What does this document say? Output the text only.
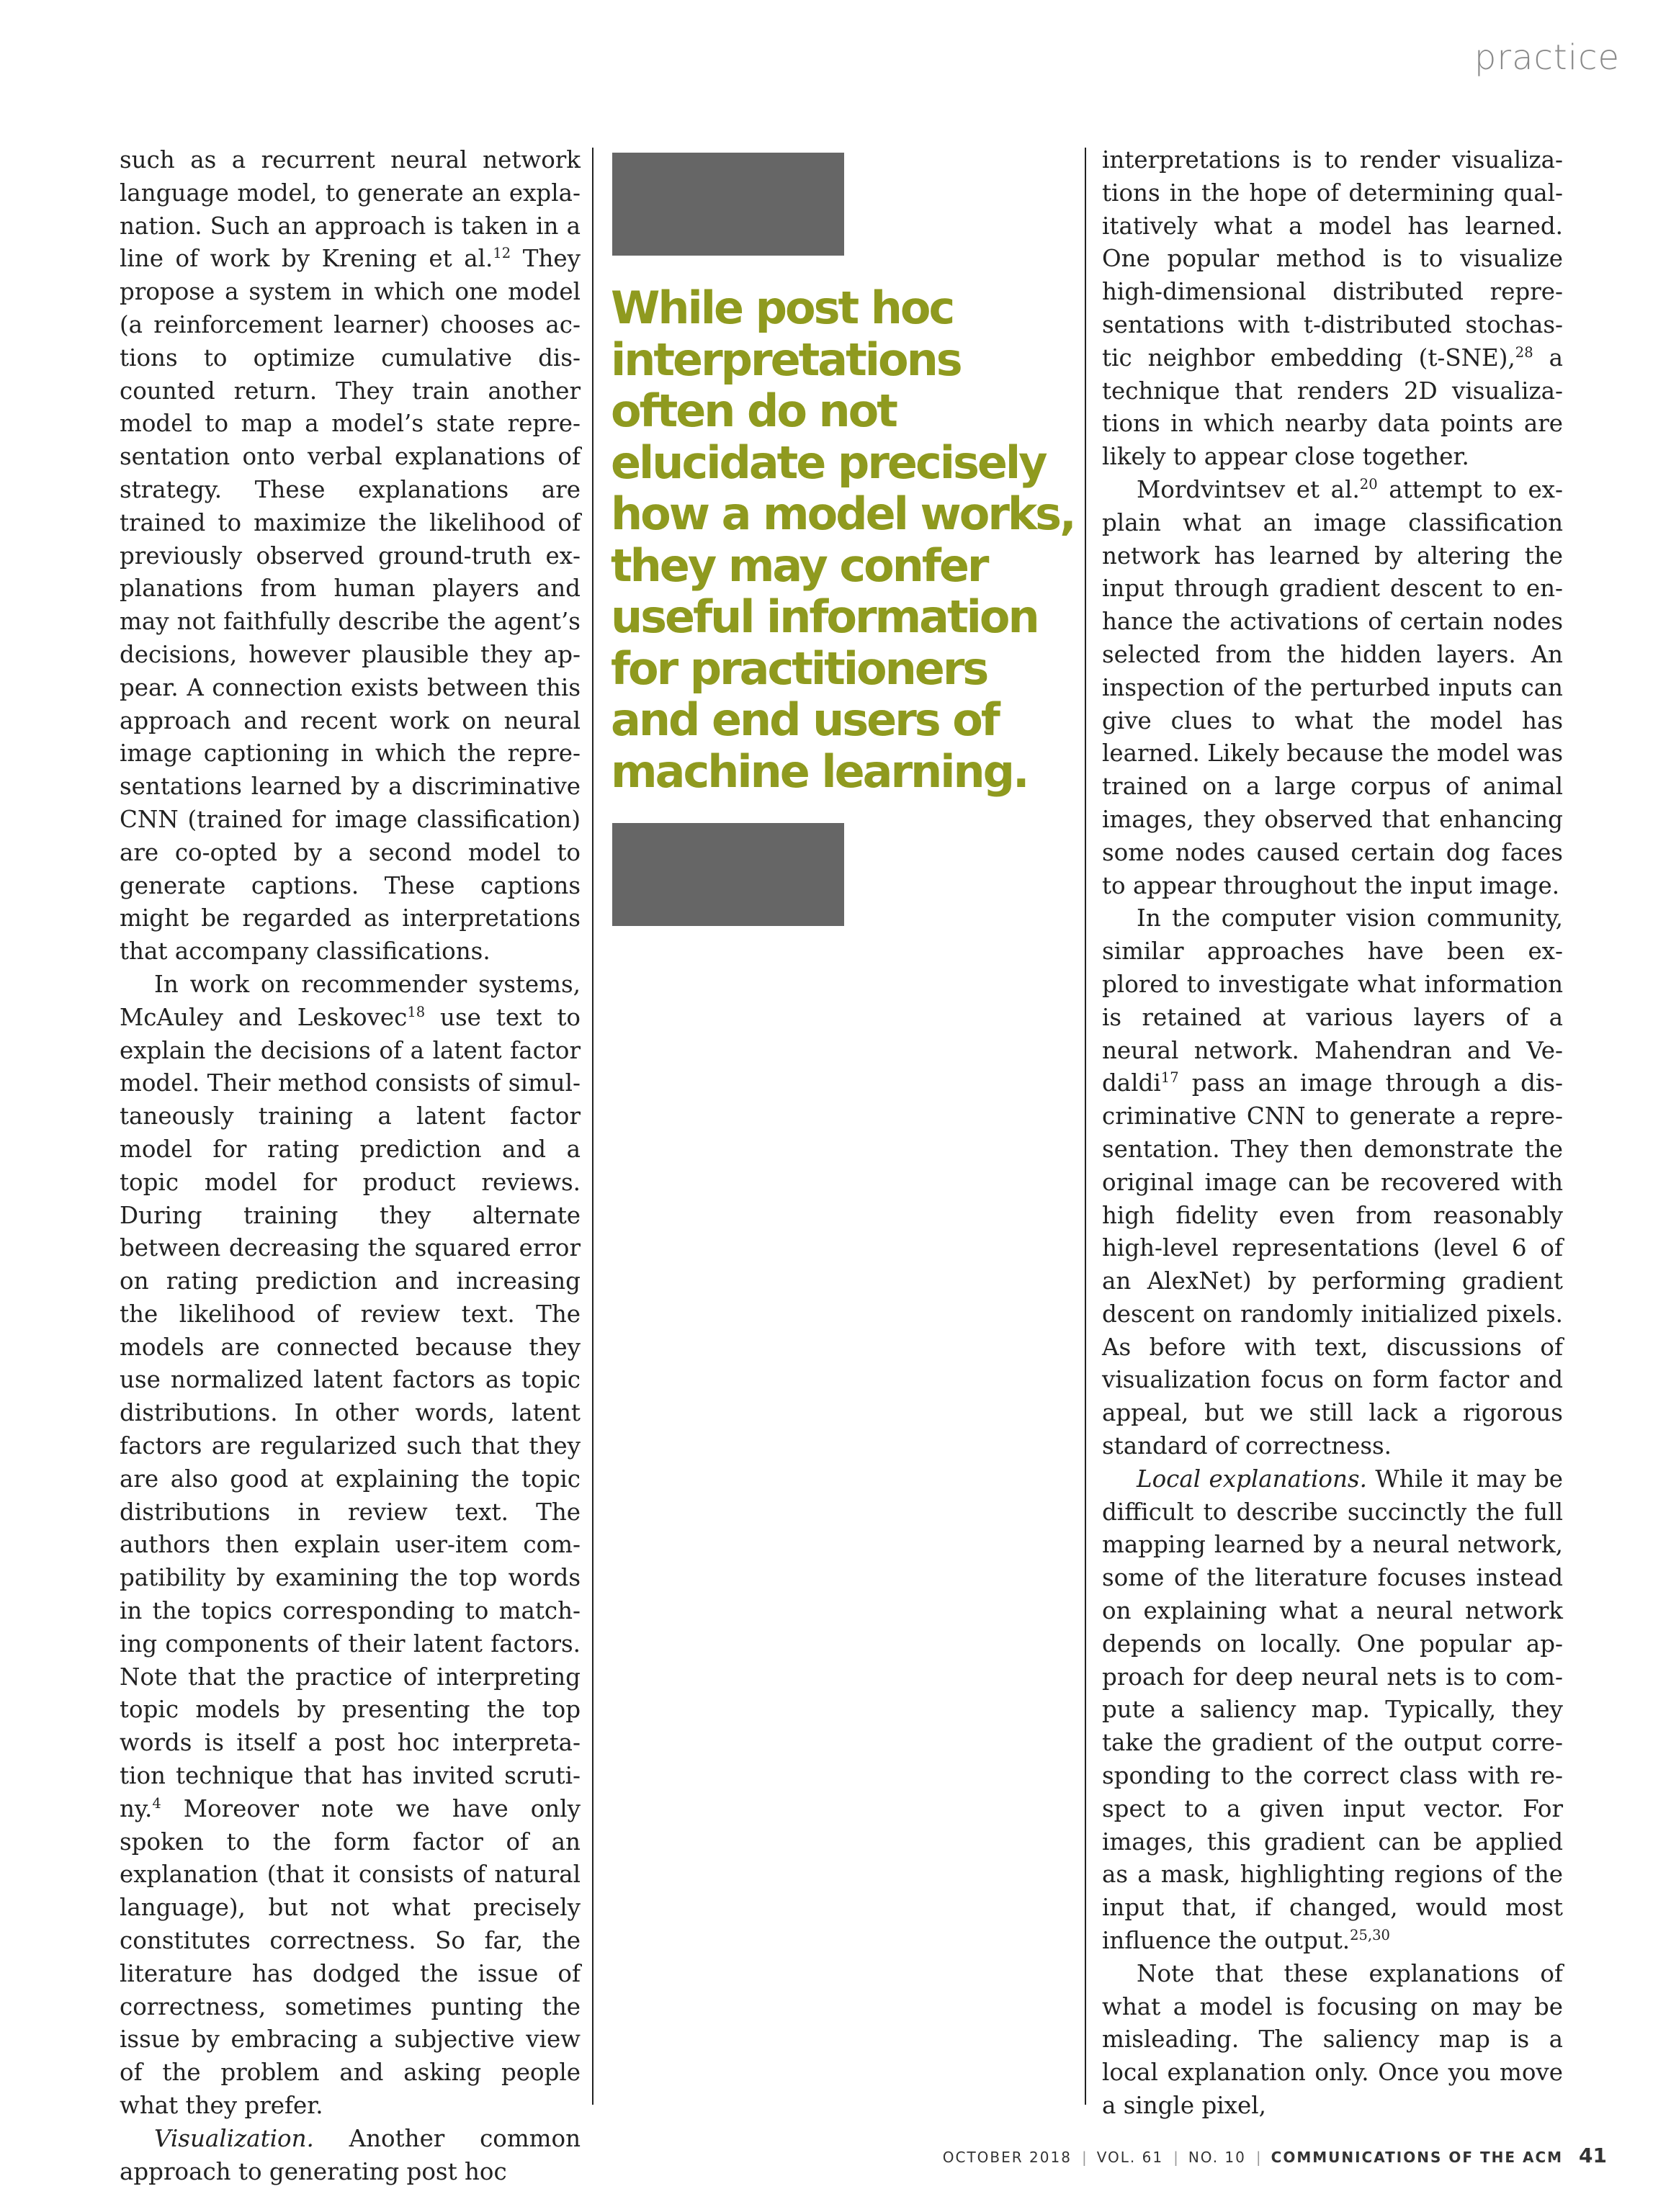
practice

such as a recurrent neural network language model, to generate an explanation. Such an approach is taken in a line of work by Krening et al.$^{12}$ They propose a system in which one model (a reinforcement learner) chooses actions to optimize cumulative discounted return. They train another model to map a model’s state representation onto verbal explanations of strategy. These explanations are trained to maximize the likelihood of previously observed ground-truth explanations from human players and may not faithfully describe the agent’s decisions, however plausible they appear. A connection exists between this approach and recent work on neural image captioning in which the representations learned by a discriminative CNN (trained for image classification) are co-opted by a second model to generate captions. These captions might be regarded as interpretations that accompany classifications.

In work on recommender systems, McAuley and Leskovec$^{18}$ use text to explain the decisions of a latent factor model. Their method consists of simultaneously training a latent factor model for rating prediction and a topic model for product reviews. During training they alternate between decreasing the squared error on rating prediction and increasing the likelihood of review text. The models are connected because they use normalized latent factors as topic distributions. In other words, latent factors are regularized such that they are also good at explaining the topic distributions in review text. The authors then explain user-item compatibility by examining the top words in the topics corresponding to matching components of their latent factors. Note that the practice of interpreting topic models by presenting the top words is itself a post hoc interpretation technique that has invited scrutiny.$^4$ Moreover note we have only spoken to the form factor of an explanation (that it consists of natural language), but not what precisely constitutes correctness. So far, the literature has dodged the issue of correctness, sometimes punting the issue by embracing a subjective view of the problem and asking people what they prefer.

Visualization. Another common approach to generating post hoc

While post hoc
interpretations
often do not
elucidate precisely
how a model works,
they may confer
useful information
for practitioners
and end users of
machine learning.

interpretations is to render visualizations in the hope of determining qualitatively what a model has learned. One popular method is to visualize high-dimensional distributed representations with t-distributed stochastic neighbor embedding (t-SNE),$^{28}$ a technique that renders 2D visualizations in which nearby data points are likely to appear close together.

Mordvintsev et al.$^{20}$ attempt to explain what an image classification network has learned by altering the input through gradient descent to enhance the activations of certain nodes selected from the hidden layers. An inspection of the perturbed inputs can give clues to what the model has learned. Likely because the model was trained on a large corpus of animal images, they observed that enhancing some nodes caused certain dog faces to appear throughout the input image.

In the computer vision community, similar approaches have been explored to investigate what information is retained at various layers of a neural network. Mahendran and Vedaldi$^{17}$ pass an image through a discriminative CNN to generate a representation. They then demonstrate the original image can be recovered with high fidelity even from reasonably high-level representations (level 6 of an AlexNet) by performing gradient descent on randomly initialized pixels. As before with text, discussions of visualization focus on form factor and appeal, but we still lack a rigorous standard of correctness.

Local explanations. While it may be difficult to describe succinctly the full mapping learned by a neural network, some of the literature focuses instead on explaining what a neural network depends on locally. One popular approach for deep neural nets is to compute a saliency map. Typically, they take the gradient of the output corresponding to the correct class with respect to a given input vector. For images, this gradient can be applied as a mask, highlighting regions of the input that, if changed, would most influence the output.$^{25,30}$

Note that these explanations of what a model is focusing on may be misleading. The saliency map is a local explanation only. Once you move a single pixel,

OCTOBER 2018 | VOL. 61 | NO. 10 | COMMUNICATIONS OF THE ACM 41
